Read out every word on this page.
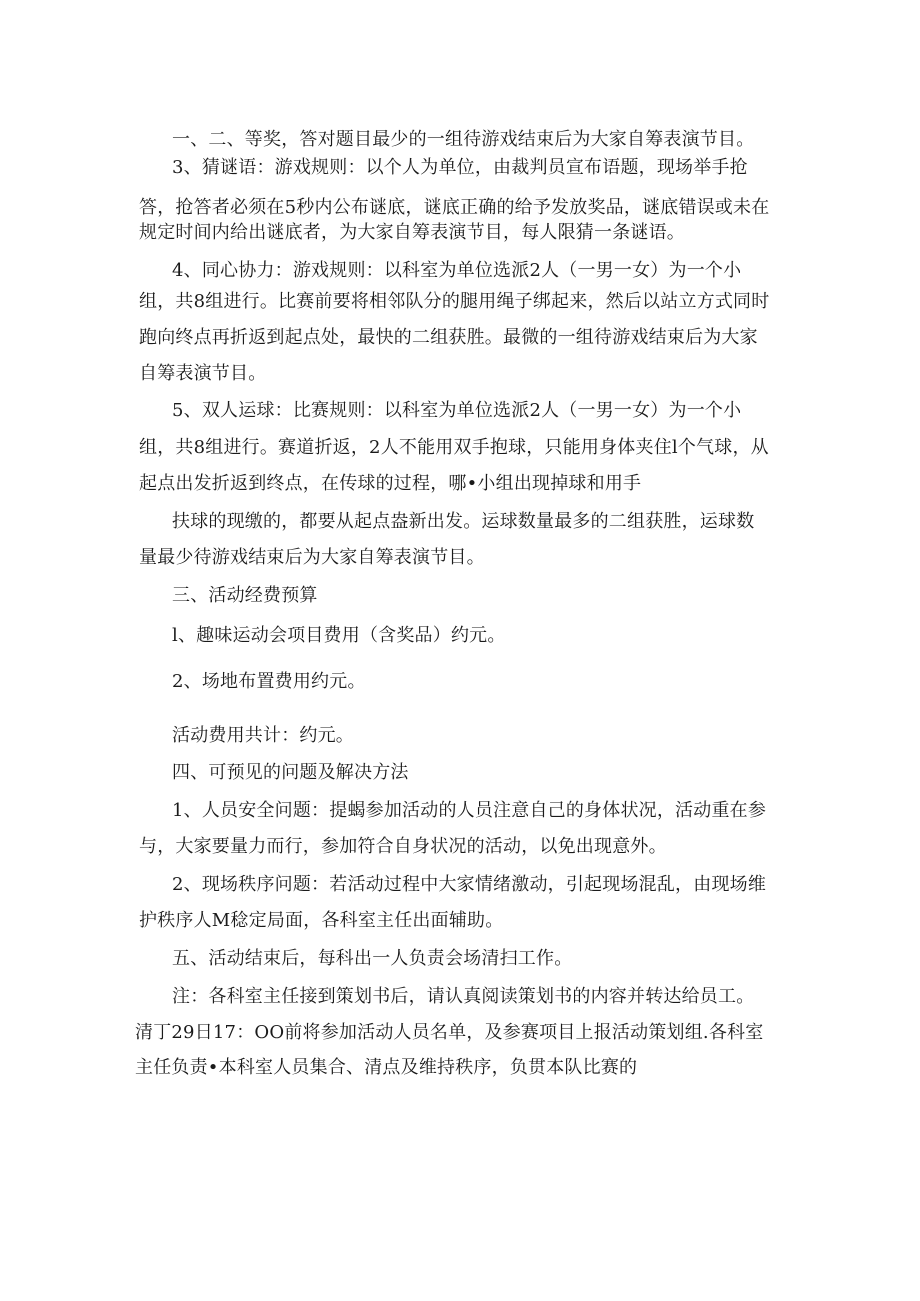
一、二、等奖，答对题目最少的一组待游戏结束后为大家自筹表演节目。
3、猜谜语：游戏规则：以个人为单位，由裁判员宣布语题，现场举手抢
答，抢答者必须在5秒内公布谜底，谜底正确的给予发放奖品，谜底错误或未在
规定时间内给出谜底者，为大家自筹表演节目，每人限猜一条谜语。
4、同心协力：游戏规则：以科室为单位选派2人（一男一女）为一个小
组，共8组进行。比赛前要将相邻队分的腿用绳子绑起来，然后以站立方式同时
跑向终点再折返到起点处，最快的二组获胜。最微的一组待游戏结束后为大家
自筹表演节目。
5、双人运球：比赛规则：以科室为单位选派2人（一男一女）为一个小
组，共8组进行。赛道折返，2人不能用双手抱球，只能用身体夹住l个气球，从
起点出发折返到终点，在传球的过程，哪•小组出现掉球和用手
扶球的现缴的，都要从起点盎新出发。运球数量最多的二组获胜，运球数
量最少待游戏结束后为大家自筹表演节目。
三、活动经费预算
l、趣味运动会项目费用（含奖品）约元。
2、场地布置费用约元。
活动费用共计：约元。
四、可预见的问题及解决方法
1、人员安全问题：提蝎参加活动的人员注意自己的身体状况，活动重在参
与，大家要量力而行，参加符合自身状况的活动，以免出现意外。
2、现场秩序问题：若活动过程中大家情绪激动，引起现场混乱，由现场维
护秩序人M稔定局面，各科室主任出面辅助。
五、活动结束后，每科出一人负责会场清扫工作。
注：各科室主任接到策划书后，请认真阅读策划书的内容并转达给员工。
清丁29日17：OO前将参加活动人员名单，及参赛项目上报活动策划组.各科室
主任负责•本科室人员集合、清点及维持秩序，负贯本队比赛的
